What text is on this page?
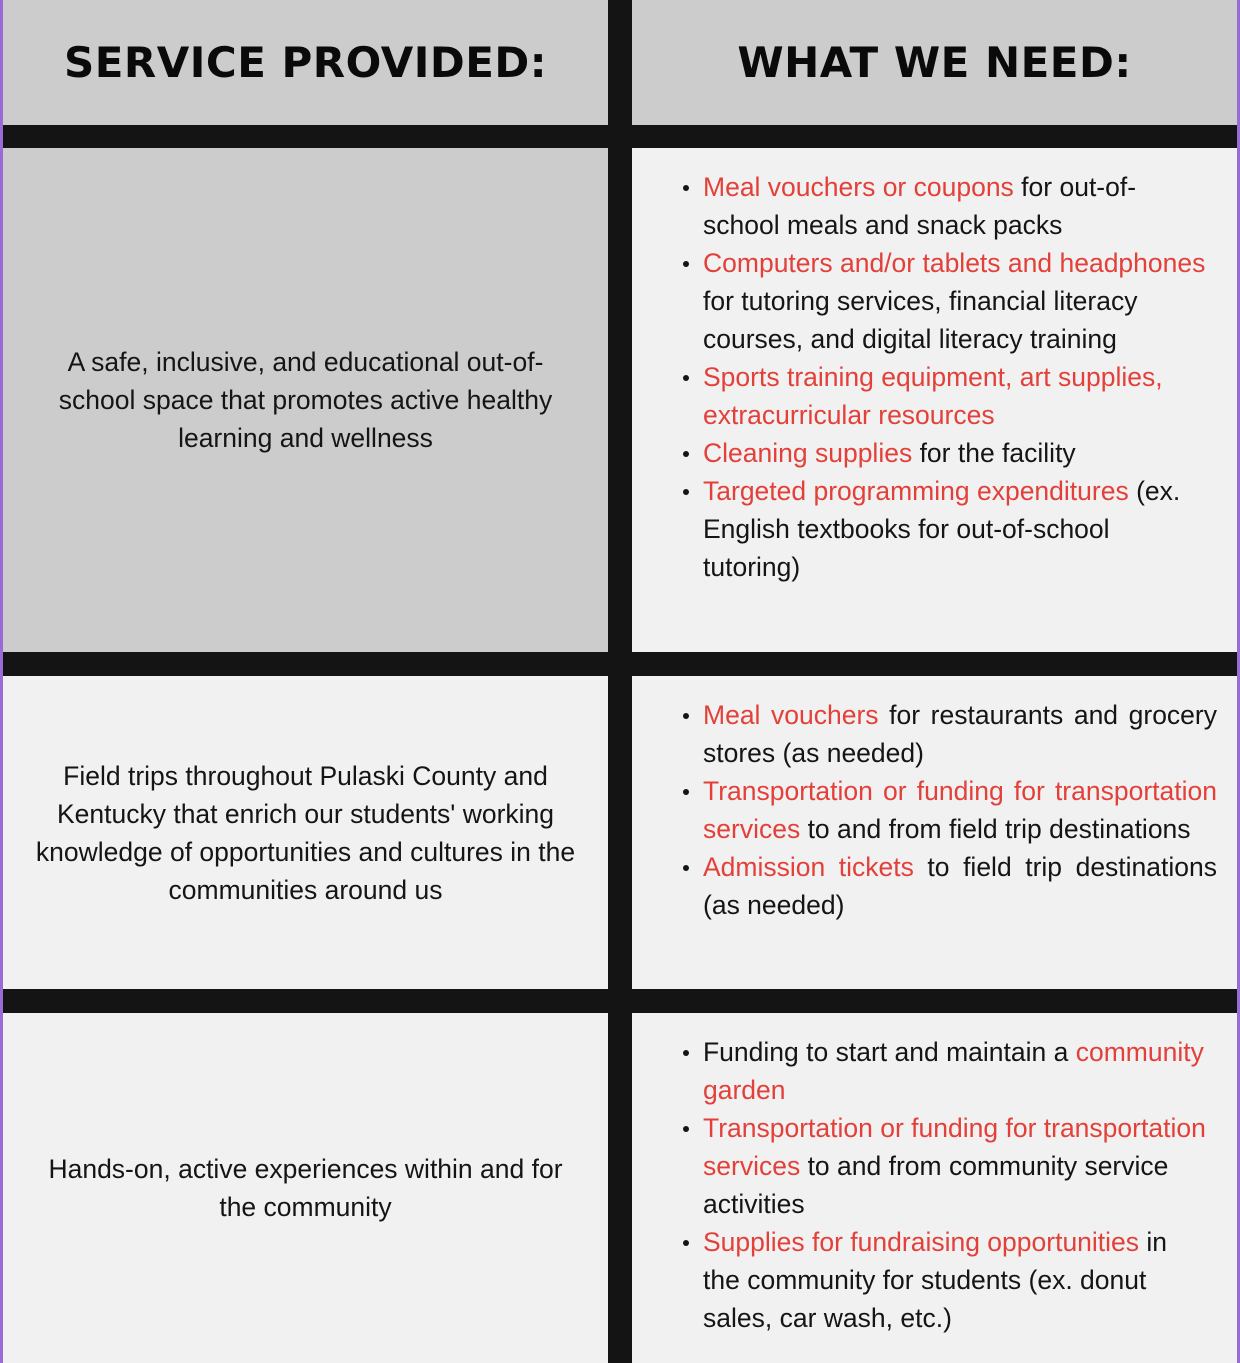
SERVICE PROVIDED:	WHAT WE NEED:
A safe, inclusive, and educational out-of-school space that promotes active healthy learning and wellness
Meal vouchers or coupons for out-of-school meals and snack packs
Computers and/or tablets and headphones for tutoring services, financial literacy courses, and digital literacy training
Sports training equipment, art supplies, extracurricular resources
Cleaning supplies for the facility
Targeted programming expenditures (ex. English textbooks for out-of-school tutoring)
Field trips throughout Pulaski County and Kentucky that enrich our students' working knowledge of opportunities and cultures in the communities around us
Meal vouchers for restaurants and grocery stores (as needed)
Transportation or funding for transportation services to and from field trip destinations
Admission tickets to field trip destinations (as needed)
Hands-on, active experiences within and for the community
Funding to start and maintain a community garden
Transportation or funding for transportation services to and from community service activities
Supplies for fundraising opportunities in the community for students (ex. donut sales, car wash, etc.)
